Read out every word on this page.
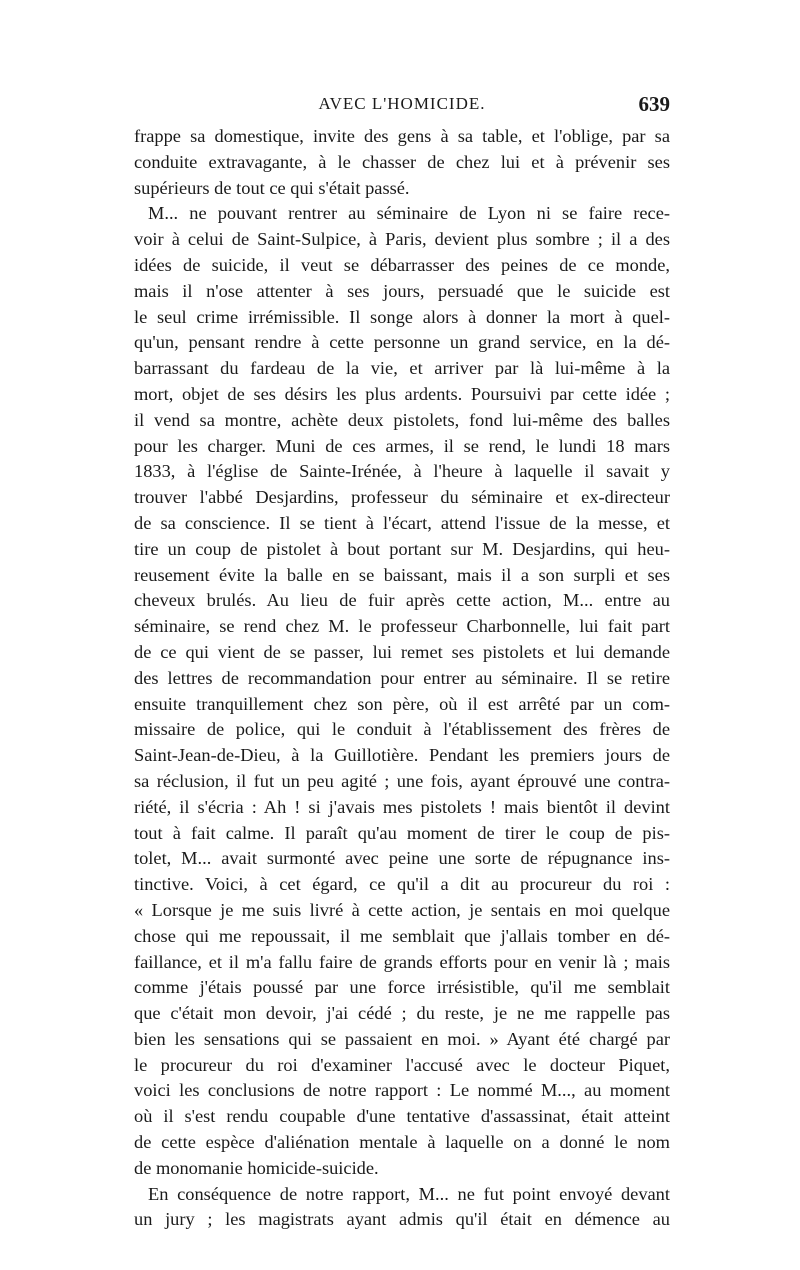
AVEC L'HOMICIDE.	639
frappe sa domestique, invite des gens à sa table, et l'oblige, par sa
conduite extravagante, à le chasser de chez lui et à prévenir ses
supérieurs de tout ce qui s'était passé.
M... ne pouvant rentrer au séminaire de Lyon ni se faire rece-
voir à celui de Saint-Sulpice, à Paris, devient plus sombre ; il a des
idées de suicide, il veut se débarrasser des peines de ce monde,
mais il n'ose attenter à ses jours, persuadé que le suicide est
le seul crime irrémissible. Il songe alors à donner la mort à quel-
qu'un, pensant rendre à cette personne un grand service, en la dé-
barrassant du fardeau de la vie, et arriver par là lui-même à la
mort, objet de ses désirs les plus ardents. Poursuivi par cette idée ;
il vend sa montre, achète deux pistolets, fond lui-même des balles
pour les charger. Muni de ces armes, il se rend, le lundi 18 mars
1833, à l'église de Sainte-Irénée, à l'heure à laquelle il savait y
trouver l'abbé Desjardins, professeur du séminaire et ex-directeur
de sa conscience. Il se tient à l'écart, attend l'issue de la messe, et
tire un coup de pistolet à bout portant sur M. Desjardins, qui heu-
reusement évite la balle en se baissant, mais il a son surpli et ses
cheveux brulés. Au lieu de fuir après cette action, M... entre au
séminaire, se rend chez M. le professeur Charbonnelle, lui fait part
de ce qui vient de se passer, lui remet ses pistolets et lui demande
des lettres de recommandation pour entrer au séminaire. Il se retire
ensuite tranquillement chez son père, où il est arrêté par un com-
missaire de police, qui le conduit à l'établissement des frères de
Saint-Jean-de-Dieu, à la Guillotière. Pendant les premiers jours de
sa réclusion, il fut un peu agité ; une fois, ayant éprouvé une contra-
riété, il s'écria : Ah ! si j'avais mes pistolets ! mais bientôt il devint
tout à fait calme. Il paraît qu'au moment de tirer le coup de pis-
tolet, M... avait surmonté avec peine une sorte de répugnance ins-
tinctive. Voici, à cet égard, ce qu'il a dit au procureur du roi :
« Lorsque je me suis livré à cette action, je sentais en moi quelque
chose qui me repoussait, il me semblait que j'allais tomber en dé-
faillance, et il m'a fallu faire de grands efforts pour en venir là ; mais
comme j'étais poussé par une force irrésistible, qu'il me semblait
que c'était mon devoir, j'ai cédé ; du reste, je ne me rappelle pas
bien les sensations qui se passaient en moi. » Ayant été chargé par
le procureur du roi d'examiner l'accusé avec le docteur Piquet,
voici les conclusions de notre rapport : Le nommé M..., au moment
où il s'est rendu coupable d'une tentative d'assassinat, était atteint
de cette espèce d'aliénation mentale à laquelle on a donné le nom
de monomanie homicide-suicide.
En conséquence de notre rapport, M... ne fut point envoyé devant
un jury ; les magistrats ayant admis qu'il était en démence au
